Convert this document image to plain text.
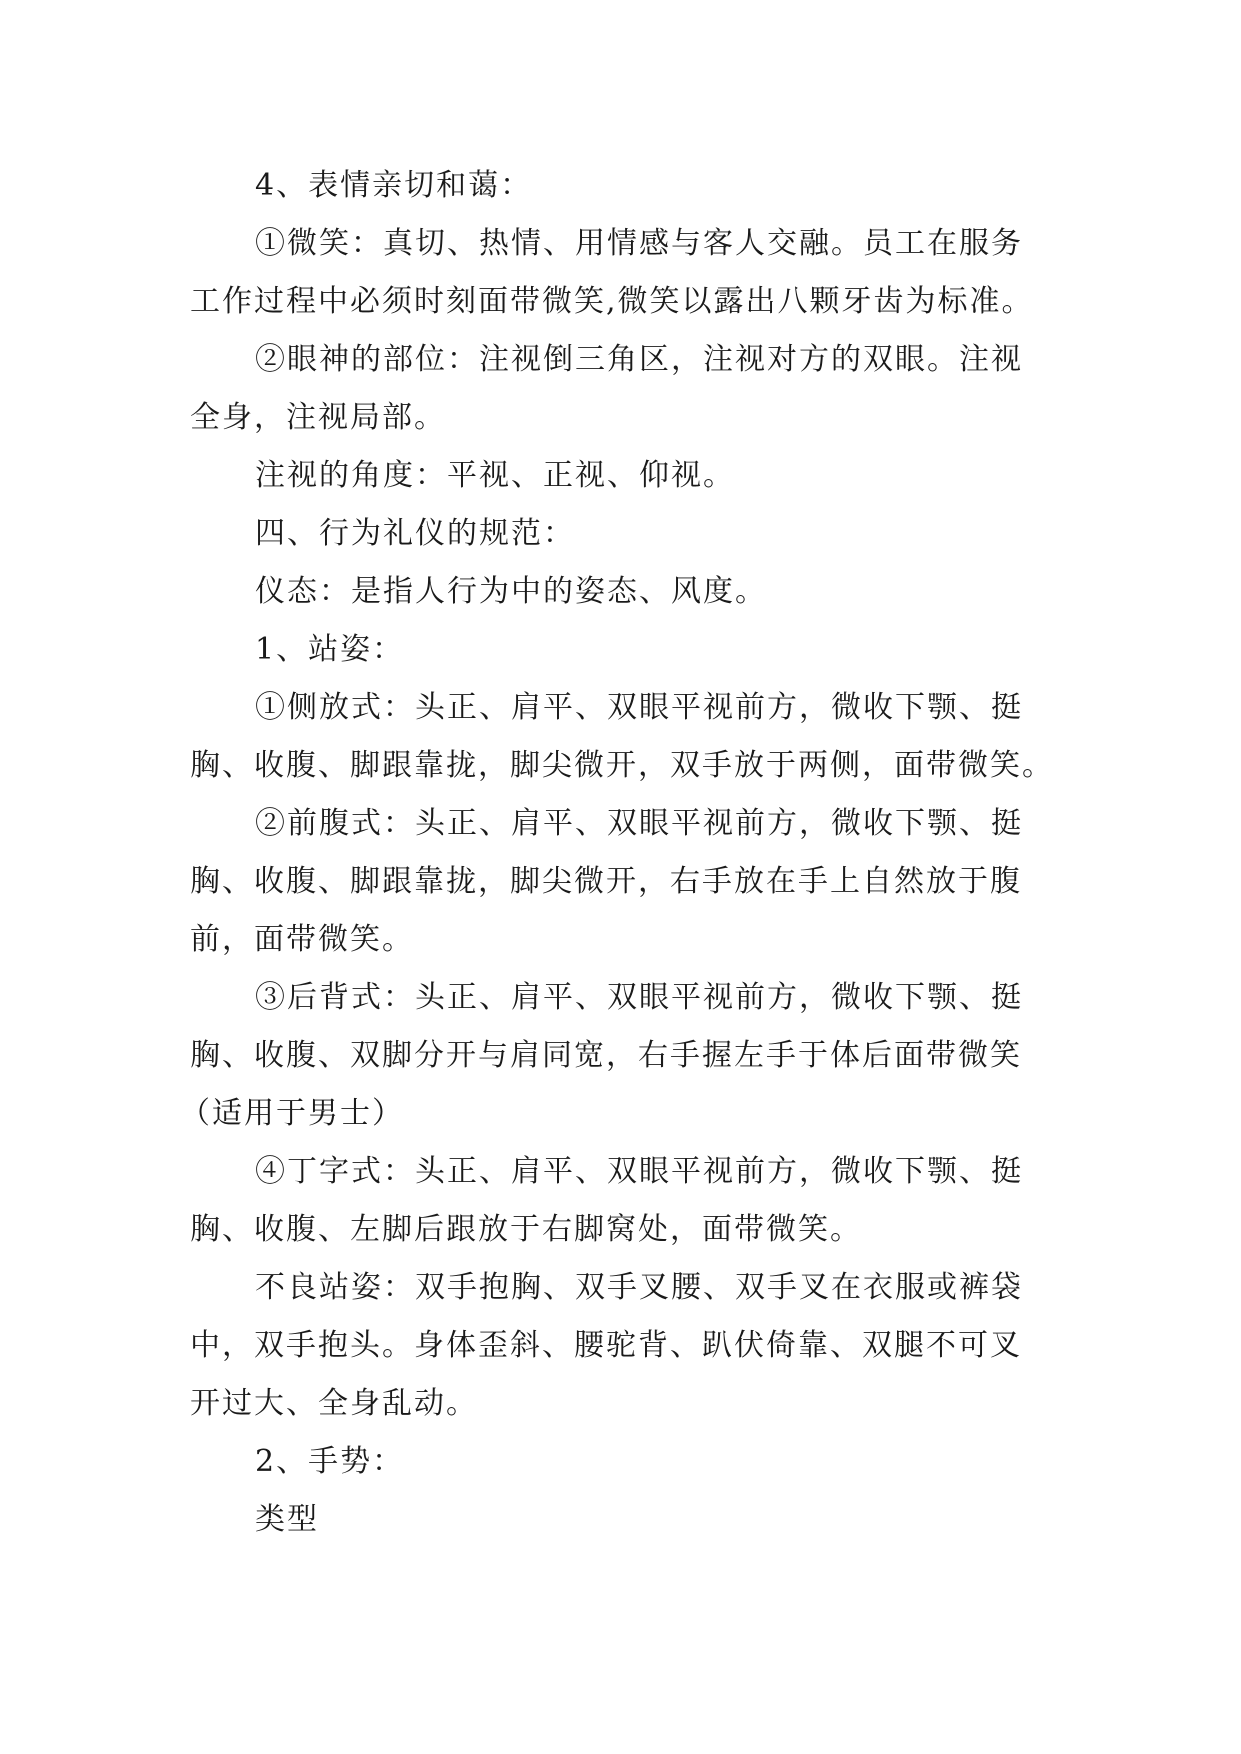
4、表情亲切和蔼：
①微笑：真切、热情、用情感与客人交融。员工在服务
工作过程中必须时刻面带微笑,微笑以露出八颗牙齿为标准。
②眼神的部位：注视倒三角区，注视对方的双眼。注视
全身，注视局部。
注视的角度：平视、正视、仰视。
四、行为礼仪的规范：
仪态：是指人行为中的姿态、风度。
1、站姿：
①侧放式：头正、肩平、双眼平视前方，微收下颚、挺
胸、收腹、脚跟靠拢，脚尖微开，双手放于两侧，面带微笑。
②前腹式：头正、肩平、双眼平视前方，微收下颚、挺
胸、收腹、脚跟靠拢，脚尖微开，右手放在手上自然放于腹
前，面带微笑。
③后背式：头正、肩平、双眼平视前方，微收下颚、挺
胸、收腹、双脚分开与肩同宽，右手握左手于体后面带微笑
（适用于男士）
④丁字式：头正、肩平、双眼平视前方，微收下颚、挺
胸、收腹、左脚后跟放于右脚窝处，面带微笑。
不良站姿：双手抱胸、双手叉腰、双手叉在衣服或裤袋
中，双手抱头。身体歪斜、腰驼背、趴伏倚靠、双腿不可叉
开过大、全身乱动。
2、手势：
类型
